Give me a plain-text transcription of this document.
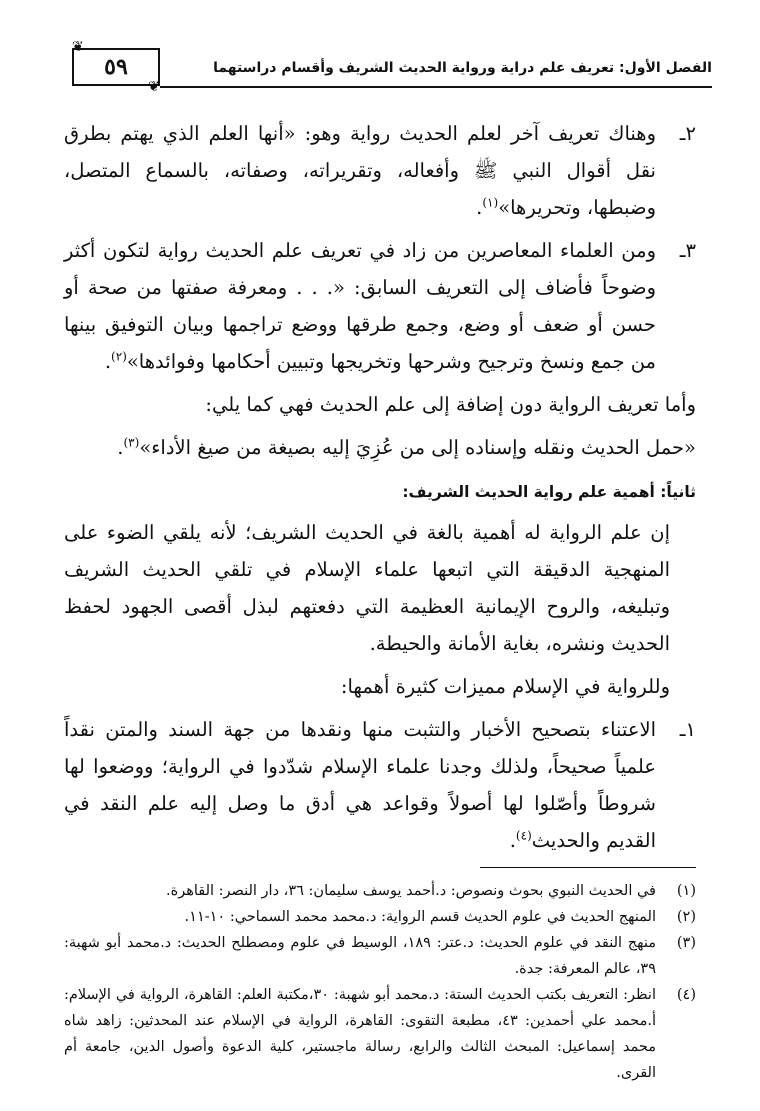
❦
❦
٥٩	الفصل الأول: تعريف علم دراية ورواية الحديث الشريف وأقسام دراستهما
٢ـ
وهناك تعريف آخر لعلم الحديث رواية وهو: «أنها العلم الذي يهتم بطرق نقل أقوال النبي ﷺ وأفعاله، وتقريراته، وصفاته، بالسماع المتصل، وضبطها، وتحريرها»$^{(١)}$.
٣ـ
ومن العلماء المعاصرين من زاد في تعريف علم الحديث رواية لتكون أكثر وضوحاً فأضاف إلى التعريف السابق: «. . . ومعرفة صفتها من صحة أو حسن أو ضعف أو وضع، وجمع طرقها ووضع تراجمها وبيان التوفيق بينها من جمع ونسخ وترجيح وشرحها وتخريجها وتبيين أحكامها وفوائدها»$^{(٢)}$.
وأما تعريف الرواية دون إضافة إلى علم الحديث فهي كما يلي:
«حمل الحديث ونقله وإسناده إلى من عُزِيَ إليه بصيغة من صيغ الأداء»$^{(٣)}$.
ثانياً: أهمية علم رواية الحديث الشريف:
إن علم الرواية له أهمية بالغة في الحديث الشريف؛ لأنه يلقي الضوء على المنهجية الدقيقة التي اتبعها علماء الإسلام في تلقي الحديث الشريف وتبليغه، والروح الإيمانية العظيمة التي دفعتهم لبذل أقصى الجهود لحفظ الحديث ونشره، بغاية الأمانة والحيطة.
وللرواية في الإسلام مميزات كثيرة أهمها:
١ـ
الاعتناء بتصحيح الأخبار والتثبت منها ونقدها من جهة السند والمتن نقداً علمياً صحيحاً، ولذلك وجدنا علماء الإسلام شدّدوا في الرواية؛ ووضعوا لها شروطاً وأصّلوا لها أصولاً وقواعد هي أدق ما وصل إليه علم النقد في القديم والحديث$^{(٤)}$.
(١)
في الحديث النبوي بحوث ونصوص: د.أحمد يوسف سليمان: ٣٦، دار النصر: القاهرة.
(٢)
المنهج الحديث في علوم الحديث قسم الرواية: د.محمد محمد السماحي: ١٠-١١.
(٣)
منهج النقد في علوم الحديث: د.عتر: ١٨٩، الوسيط في علوم ومصطلح الحديث: د.محمد أبو شهبة: ٣٩، عالم المعرفة: جدة.
(٤)
انظر: التعريف بكتب الحديث الستة: د.محمد أبو شهبة: ٣٠،مكتبة العلم: القاهرة، الرواية في الإسلام: أ.محمد علي أحمدين: ٤٣، مطبعة التقوى: القاهرة، الرواية في الإسلام عند المحدثين: زاهد شاه محمد إسماعيل: المبحث الثالث والرابع، رسالة ماجستير، كلية الدعوة وأصول الدين، جامعة أم القرى.
